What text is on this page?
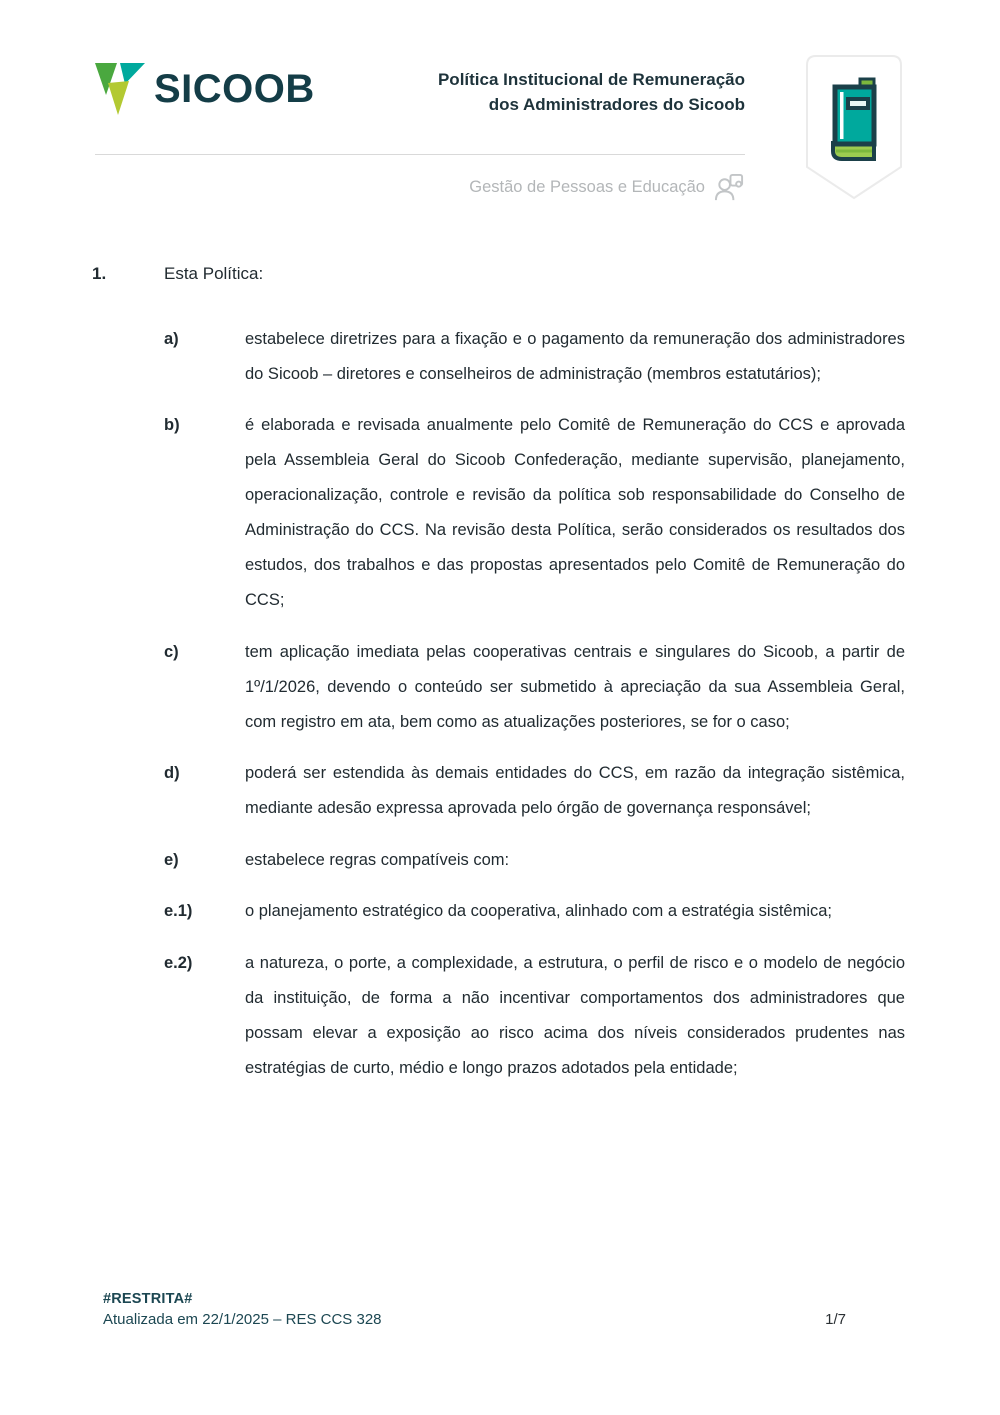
SICOOB	Política Institucional de Remuneração
dos Administradores do Sicoob
Gestão de Pessoas e Educação
1.	Esta Política:
a)	estabelece diretrizes para a fixação e o pagamento da remuneração dos administradores do Sicoob – diretores e conselheiros de administração (membros estatutários);

b)	é elaborada e revisada anualmente pelo Comitê de Remuneração do CCS e aprovada pela Assembleia Geral do Sicoob Confederação, mediante supervisão, planejamento, operacionalização, controle e revisão da política sob responsabilidade do Conselho de Administração do CCS. Na revisão desta Política, serão considerados os resultados dos estudos, dos trabalhos e das propostas apresentados pelo Comitê de Remuneração do CCS;

c)	tem aplicação imediata pelas cooperativas centrais e singulares do Sicoob, a partir de 1º/1/2026, devendo o conteúdo ser submetido à apreciação da sua Assembleia Geral, com registro em ata, bem como as atualizações posteriores, se for o caso;

d)	poderá ser estendida às demais entidades do CCS, em razão da integração sistêmica, mediante adesão expressa aprovada pelo órgão de governança responsável;

e)	estabelece regras compatíveis com:

e.1)	o planejamento estratégico da cooperativa, alinhado com a estratégia sistêmica;

e.2)	a natureza, o porte, a complexidade, a estrutura, o perfil de risco e o modelo de negócio da instituição, de forma a não incentivar comportamentos dos administradores que possam elevar a exposição ao risco acima dos níveis considerados prudentes nas estratégias de curto, médio e longo prazos adotados pela entidade;

#RESTRITA#
Atualizada em 22/1/2025 – RES CCS 328	1/7
